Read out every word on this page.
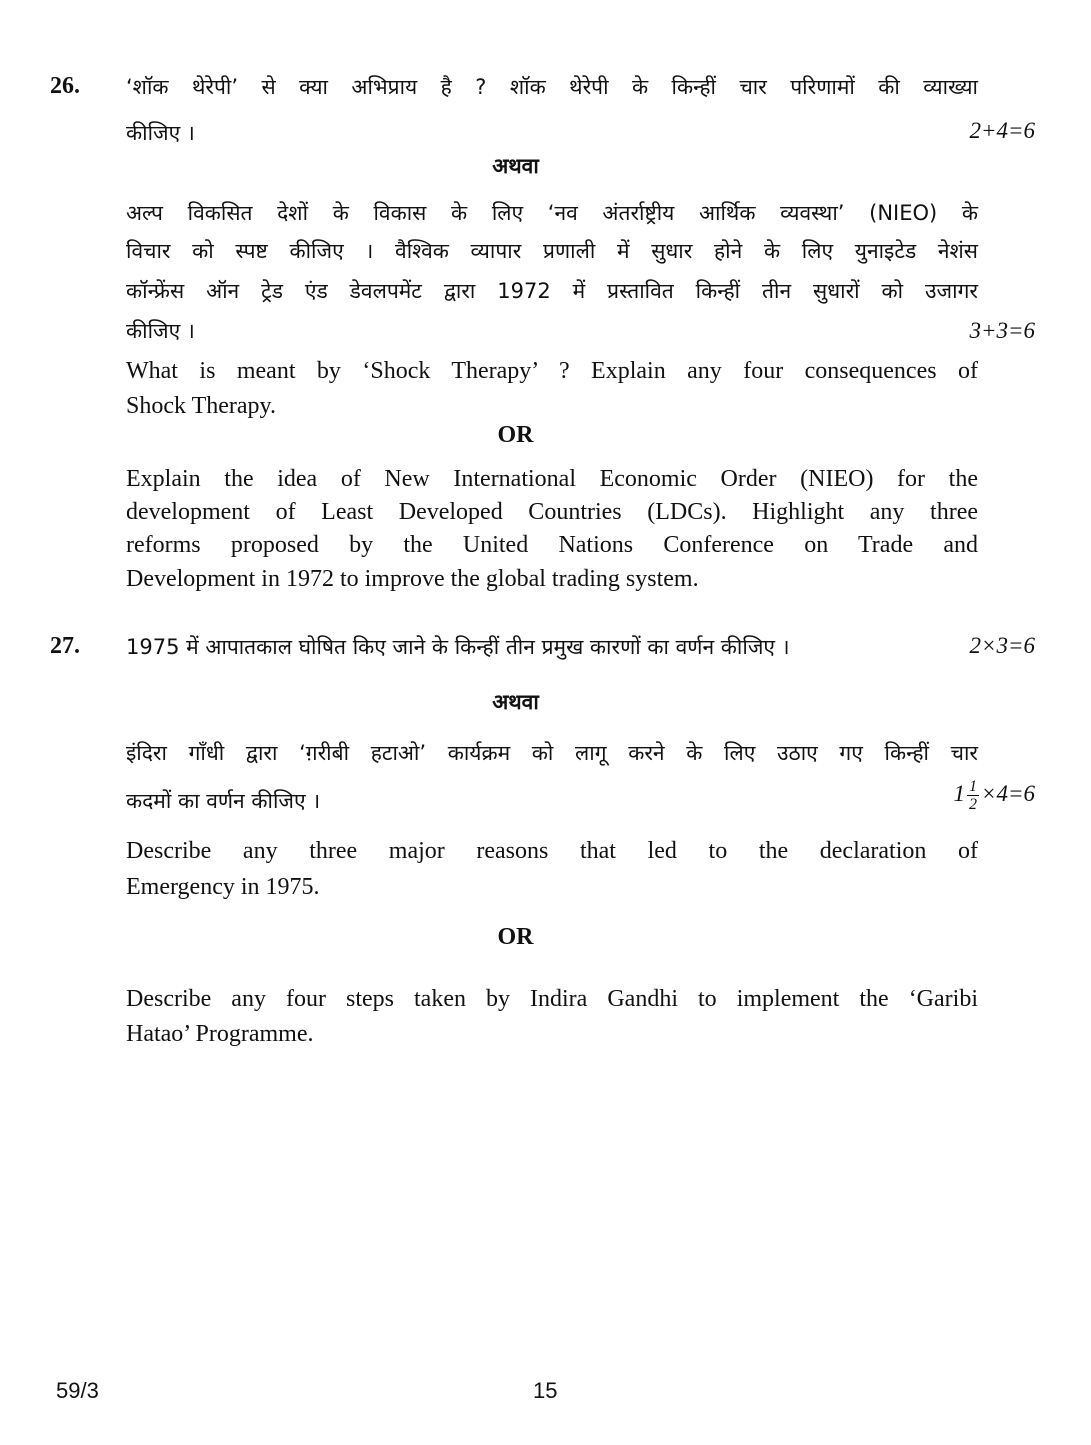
26. ‘शॉक थेरेपी’ से क्या अभिप्राय है ? शॉक थेरेपी के किन्हीं चार परिणामों की व्याख्या
कीजिए ।	2+4=6
अथवा
अल्प विकसित देशों के विकास के लिए ‘नव अंतर्राष्ट्रीय आर्थिक व्यवस्था’ (NIEO) के
विचार को स्पष्ट कीजिए । वैश्विक व्यापार प्रणाली में सुधार होने के लिए युनाइटेड नेशंस
कॉन्फ्रेंस ऑन ट्रेड एंड डेवलपमेंट द्वारा 1972 में प्रस्तावित किन्हीं तीन सुधारों को उजागर
कीजिए ।	3+3=6
What is meant by ‘Shock Therapy’ ? Explain any four consequences of
Shock Therapy.
OR
Explain the idea of New International Economic Order (NIEO) for the
development of Least Developed Countries (LDCs). Highlight any three
reforms proposed by the United Nations Conference on Trade and
Development in 1972 to improve the global trading system.
27. 1975 में आपातकाल घोषित किए जाने के किन्हीं तीन प्रमुख कारणों का वर्णन कीजिए ।	2×3=6
अथवा
इंदिरा गाँधी द्वारा ‘ग़रीबी हटाओ’ कार्यक्रम को लागू करने के लिए उठाए गए किन्हीं चार
कदमों का वर्णन कीजिए ।	$1 \frac{1}{2} \times 4=6$
Describe any three major reasons that led to the declaration of
Emergency in 1975.
OR
Describe any four steps taken by Indira Gandhi to implement the ‘Garibi
Hatao’ Programme.
59/3	15
